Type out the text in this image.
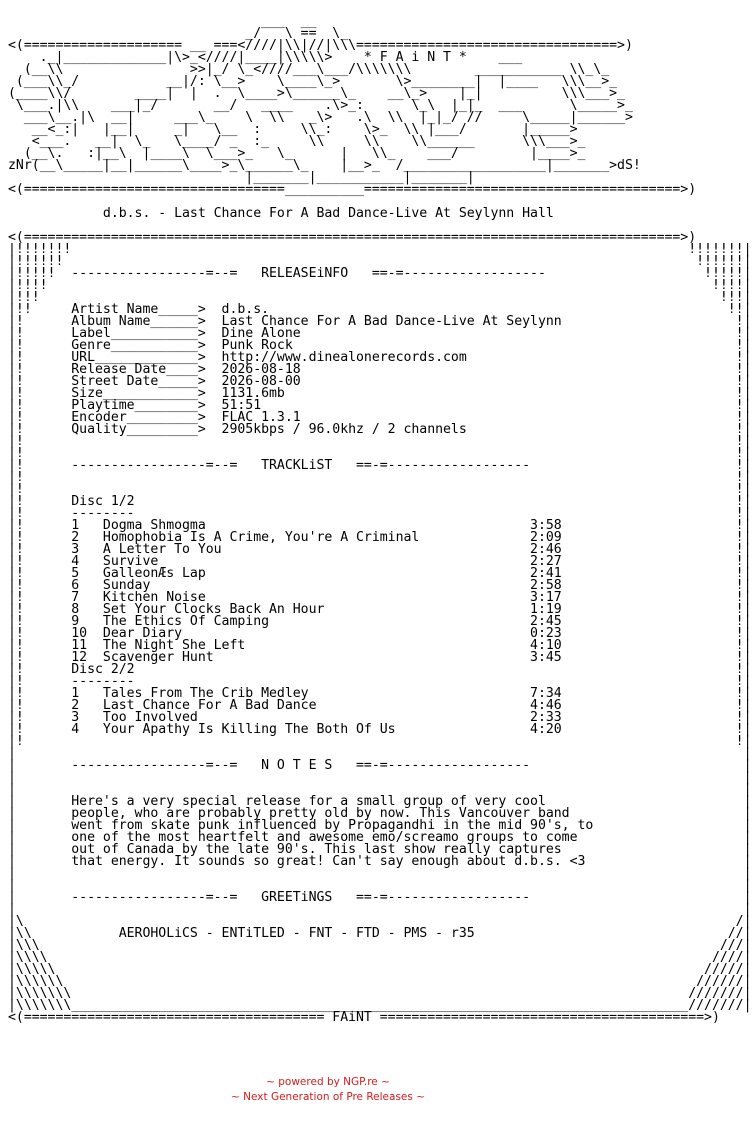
___  __
_/   \ ==  \_
<(==================== __ ===<////|\\|//|\\\=================================>)
._|_____________|\>_<////|____|\\\\\>    * F A i N T *    ___
(__\\                >>|_/ \_<////___\___/\\\\\\\        ___________ \\_\_
(___\\_/           __|/: \__>    \____\_>       \>________|  |____   \\\__>_
(____\\/        ____|  |  .  \____>\______\_    __\_>    |_|          \\\___>_
\___.|\\    ___|_/       __/   ____    .\>_:      \_\  |_|_  ___      \_____>_
___\__.|\  __|     ___\_    \  \\   _\>   .\  \\  |_|_/ //     \_____|______>
__<_:|   |__|     _|   \__  :     \\_:    \>_  \\ |___/       |_____>
<___.   __|  \_   \____/ _  :_     \\     \\    \\______      \\\___>_
(__\.   :|__\  |____\  \___>_   \_      |   \\_    ___/         |____>_
zNr(__\_____|__|______\____>_\______\_    |__>_  /__________________|_______>dS!
|_______|___________|_______|
<(=================================__________========================================>)

d.b.s. - Last Chance For A Bad Dance-Live At Seylynn Hall

<(===================================================================================>)
|!!!!!!!                                                                              !!!!!!!|
|!!!!!!                                                                                !!!!!!|
|!!!!!  -----------------=--=   RELEASEiNFO   ==-=------------------                    !!!!!|
|!!!!                                                                                    !!!!|
|!!!                                                                                      !!!|
|!!     Artist Name_____>  d.b.s.                                                          !!|
|!      Album Name______>  Last Chance For A Bad Dance-Live At Seylynn                      !|
|!      Label___________>  Dine Alone                                                       !|
|!      Genre___________>  Punk Rock                                                        !|
|!      URL_____________>  http://www.dinealonerecords.com                                  !|
|!      Release Date____>  2026-08-18                                                       !|
|!      Street Date_____>  2026-08-00                                                       !|
|!      Size____________>  1131.6mb                                                         !|
|!      Playtime________>  51:51                                                            !|
|!      Encoder_________>  FLAC 1.3.1                                                       !|
|!      Quality_________>  2905kbps / 96.0khz / 2 channels                                  !|
|!                                                                                          !|
|!                                                                                          !|
|!      -----------------=--=   TRACKLiST   ==-=------------------                          !|
|!                                                                                          !|
|!                                                                                          !|
|!      Disc 1/2                                                                            !|
|!      --------                                                                            !|
|!      1   Dogma Shmogma                                         3:58                      !|
|!      2   Homophobia Is A Crime, You're A Criminal              2:09                      !|
|!      3   A Letter To You                                       2:46                      !|
|!      4   Survive                                               2:27                      !|
|!      5   GalleonÆs Lap                                         2:41                      !|
|!      6   Sunday                                                2:58                      !|
|!      7   Kitchen Noise                                         3:17                      !|
|!      8   Set Your Clocks Back An Hour                          1:19                      !|
|!      9   The Ethics Of Camping                                 2:45                      !|
|!      10  Dear Diary                                            0:23                      !|
|!      11  The Night She Left                                    4:10                      !|
|!      12  Scavenger Hunt                                        3:45                      !|
|!      Disc 2/2                                                                            !|
|!      --------                                                                            !|
|!      1   Tales From The Crib Medley                            7:34                      !|
|!      2   Last Chance For A Bad Dance                           4:46                      !|
|!      3   Too Involved                                          2:33                      !|
|!      4   Your Apathy Is Killing The Both Of Us                 4:20                      !|
|!                                                                                          !|
|                                                                                            |
|       -----------------=--=   N O T E S   ==-=------------------                           |
|                                                                                            |
|                                                                                            |
|       Here's a very special release for a small group of very cool                         |
|       people, who are probably pretty old by now. This Vancouver band                      |
|       went from skate punk influenced by Propagandhi in the mid 90's, to                   |
|       one of the most heartfelt and awesome emo/screamo groups to come                     |
|       out of Canada by the late 90's. This last show really captures                       |
|       that energy. It sounds so great! Can't say enough about d.b.s. <3                    |
|                                                                                            |
|                                                                                            |
|       -----------------=--=   GREETiNGS   ==-=------------------                           |
|                                                                                            |
|\                                                                                          /|
|\\           AEROHOLiCS - ENTiTLED - FNT - FTD - PMS - r35                                //|
|\\\                                                                                      ///|
|\\\\                                                                                    ////|
|\\\\\                                                                                  /////|
|\\\\\\                                                                                //////|
|\\\\\\\                                                                              ///////|
|\\\\\\\______________________________________________________________________________///////|
<(====================================== FAiNT =========================================>)
~ powered by NGP.re ~
~ Next Generation of Pre Releases ~
